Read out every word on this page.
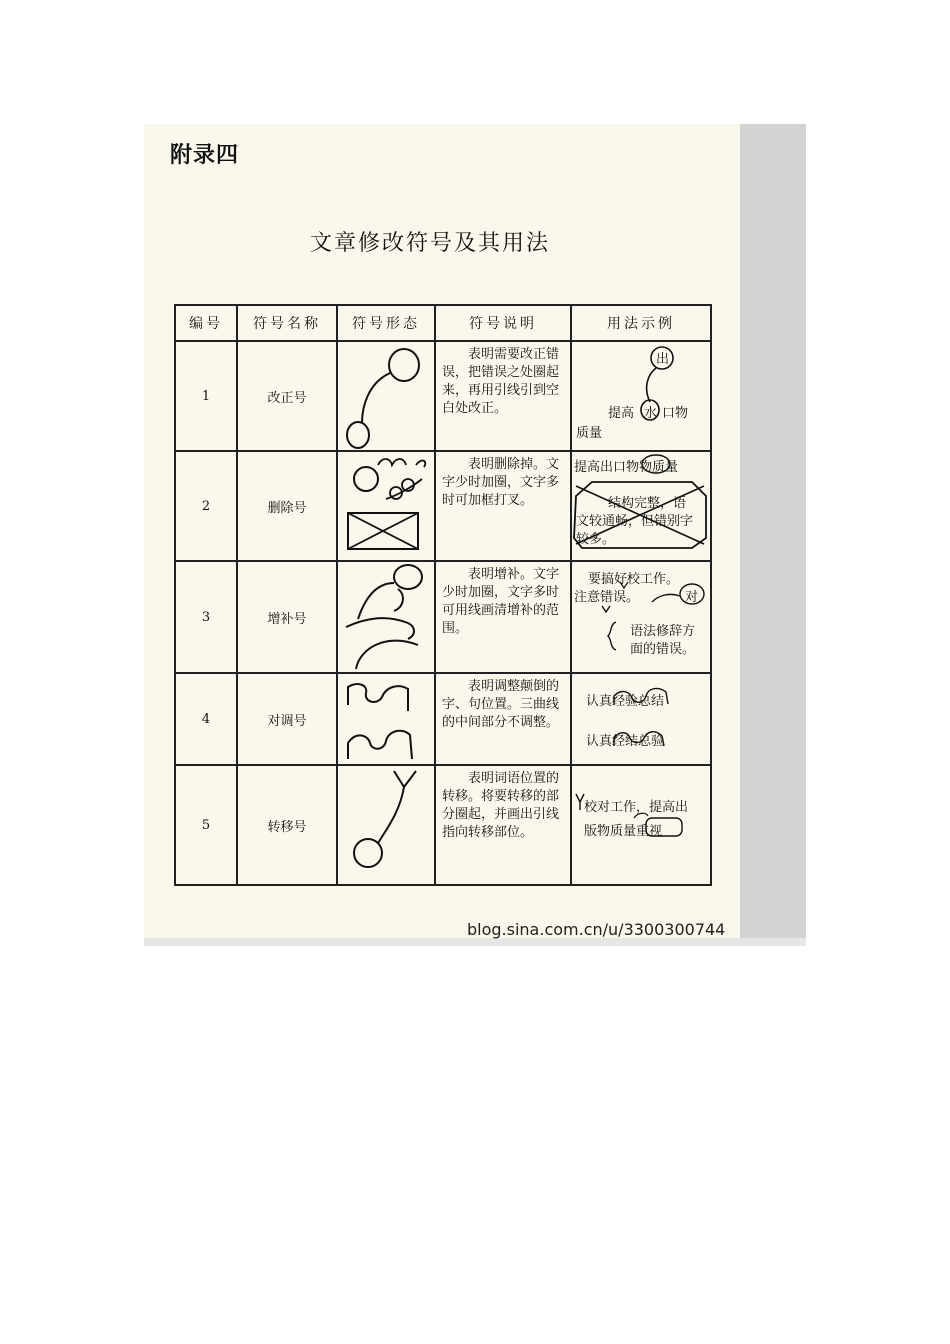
附录四
文章修改符号及其用法
编号	符号名称	符号形态	符号说明	用法示例
1	改正号		表明需要改正错误，把错误之处圈起来，再用引线引到空白处改正。	出
提高 水 口物
质量

2	删除号		表明删除掉。文字少时加圈，文字多时可加框打叉。	提高出口物物质量
结构完整，语
文较通畅，但错别字
较多。

3	增补号		表明增补。文字少时加圈，文字多时可用线画清增补的范围。	要搞好校工作。
注意错误。 对
语法修辞方
面的错误。

4	对调号		表明调整颠倒的字、句位置。三曲线的中间部分不调整。	认真经验总结
认真经结总验

5	转移号		表明词语位置的转移。将要转移的部分圈起，并画出引线指向转移部位。	校对工作，提高出
版物质量重视
blog.sina.com.cn/u/3300300744
